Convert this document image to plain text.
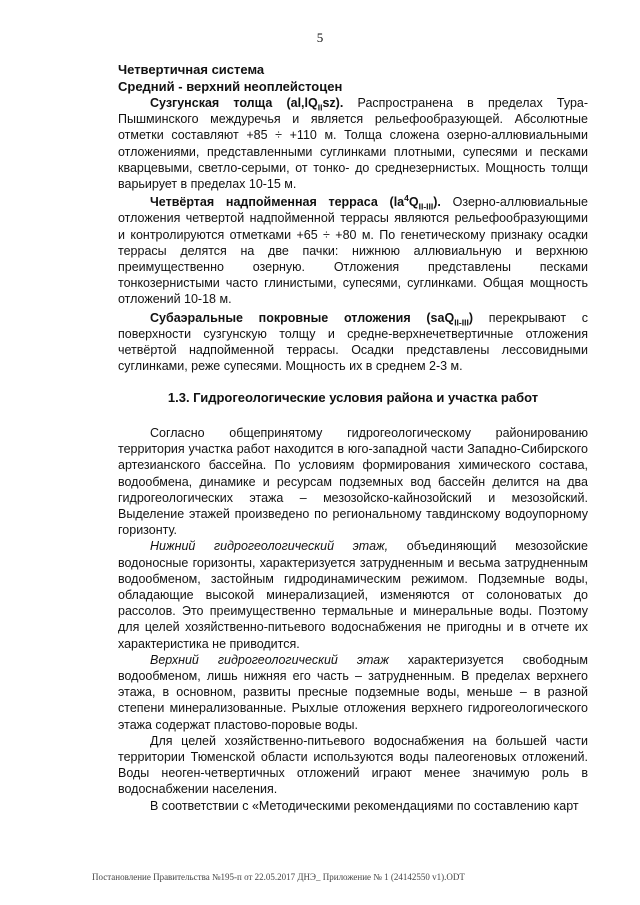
5

Четвертичная система

Средний - верхний неоплейстоцен

Сузгунская толща $(al,lQ_{II}sz)$. Распространена в пределах Тура-Пышминского междуречья и является рельефообразующей. Абсолютные отметки составляют +85 ÷ +110 м. Толща сложена озерно-аллювиальными отложениями, представленными суглинками плотными, супесями и песками кварцевыми, светло-серыми, от тонко- до среднезернистых. Мощность толщи варьирует в пределах 10-15 м.

Четвёртая надпойменная терраса $(la^4Q_{II-III})$. Озерно-аллювиальные отложения четвертой надпойменной террасы являются рельефообразующими и контролируются отметками +65 ÷ +80 м. По генетическому признаку осадки террасы делятся на две пачки: нижнюю аллювиальную и верхнюю преимущественно озерную. Отложения представлены песками тонкозернистыми часто глинистыми, супесями, суглинками. Общая мощность отложений 10-18 м.

Субаэральные покровные отложения (saQ$_{II-III}$) перекрывают с поверхности сузгунскую толщу и средне-верхнечетвертичные отложения четвёртой надпойменной террасы. Осадки представлены лессовидными суглинками, реже супесями. Мощность их в среднем 2-3 м.

1.3. Гидрогеологические условия района и участка работ

Согласно общепринятому гидрогеологическому районированию территория участка работ находится в юго-западной части Западно-Сибирского артезианского бассейна. По условиям формирования химического состава, водообмена, динамике и ресурсам подземных вод бассейн делится на два гидрогеологических этажа – мезозойско-кайнозойский и мезозойский. Выделение этажей произведено по региональному тавдинскому водоупорному горизонту.

Нижний гидрогеологический этаж, объединяющий мезозойские водоносные горизонты, характеризуется затрудненным и весьма затрудненным водообменом, застойным гидродинамическим режимом. Подземные воды, обладающие высокой минерализацией, изменяются от солоноватых до рассолов. Это преимущественно термальные и минеральные воды. Поэтому для целей хозяйственно-питьевого водоснабжения не пригодны и в отчете их характеристика не приводится.

Верхний гидрогеологический этаж характеризуется свободным водообменом, лишь нижняя его часть – затрудненным. В пределах верхнего этажа, в основном, развиты пресные подземные воды, меньше – в разной степени минерализованные. Рыхлые отложения верхнего гидрогеологического этажа содержат пластово-поровые воды.

Для целей хозяйственно-питьевого водоснабжения на большей части территории Тюменской области используются воды палеогеновых отложений. Воды неоген-четвертичных отложений играют менее значимую роль в водоснабжении населения.

В соответствии с «Методическими рекомендациями по составлению карт

Постановление Правительства №195-п от 22.05.2017 ДНЭ_ Приложение № 1 (24142550 v1).ODT
